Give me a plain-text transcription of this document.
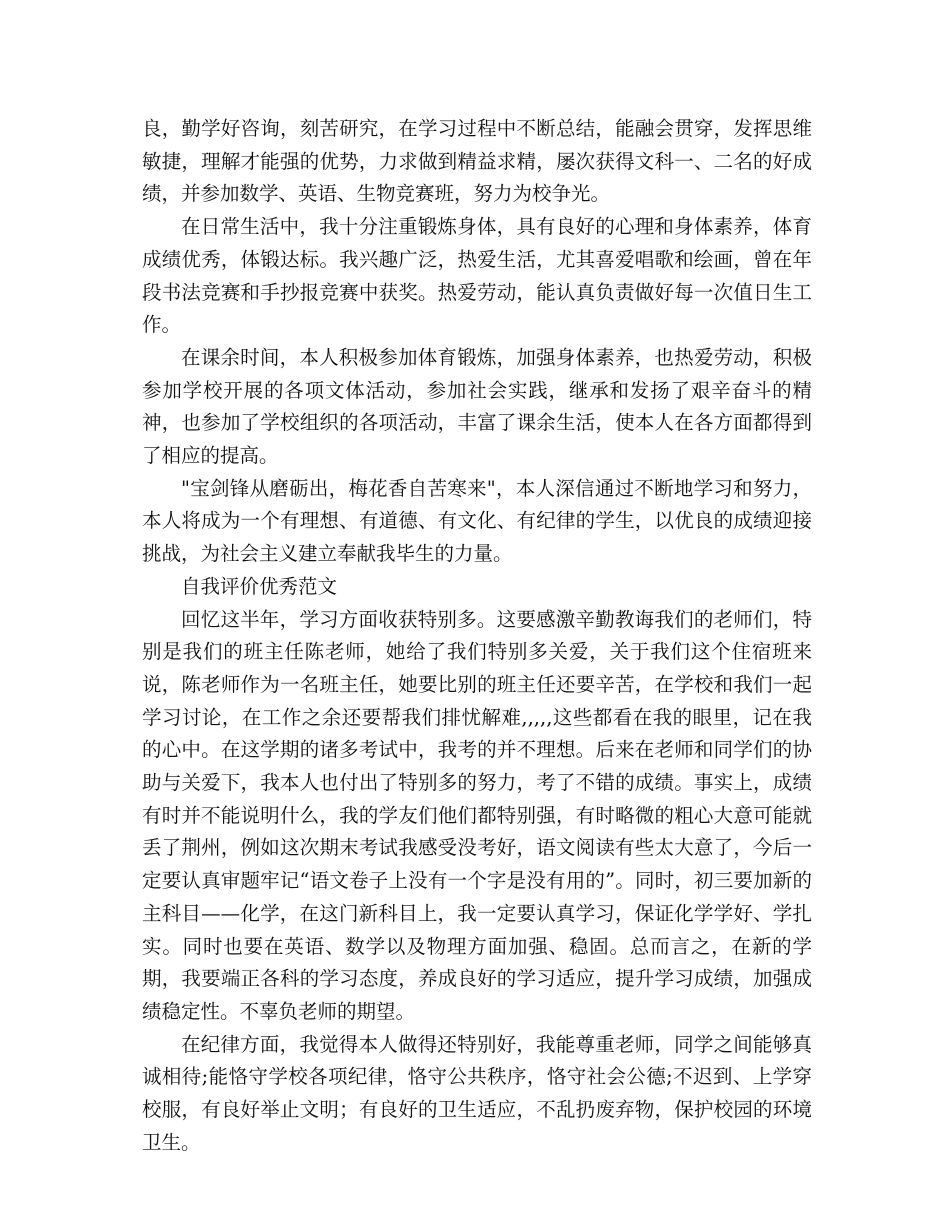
良，勤学好咨询，刻苦研究，在学习过程中不断总结，能融会贯穿，发挥思维敏捷，理解才能强的优势，力求做到精益求精，屡次获得文科一、二名的好成绩，并参加数学、英语、生物竞赛班，努力为校争光。

在日常生活中，我十分注重锻炼身体，具有良好的心理和身体素养，体育成绩优秀，体锻达标。我兴趣广泛，热爱生活，尤其喜爱唱歌和绘画，曾在年段书法竞赛和手抄报竞赛中获奖。热爱劳动，能认真负责做好每一次值日生工作。

在课余时间，本人积极参加体育锻炼，加强身体素养，也热爱劳动，积极参加学校开展的各项文体活动，参加社会实践，继承和发扬了艰辛奋斗的精神，也参加了学校组织的各项活动，丰富了课余生活，使本人在各方面都得到了相应的提高。

"宝剑锋从磨砺出，梅花香自苦寒来"，本人深信通过不断地学习和努力，本人将成为一个有理想、有道德、有文化、有纪律的学生，以优良的成绩迎接挑战，为社会主义建立奉献我毕生的力量。

自我评价优秀范文

回忆这半年，学习方面收获特别多。这要感激辛勤教诲我们的老师们，特别是我们的班主任陈老师，她给了我们特别多关爱，关于我们这个住宿班来说，陈老师作为一名班主任，她要比别的班主任还要辛苦，在学校和我们一起学习讨论，在工作之余还要帮我们排忧解难,,,,,这些都看在我的眼里，记在我的心中。在这学期的诸多考试中，我考的并不理想。后来在老师和同学们的协助与关爱下，我本人也付出了特别多的努力，考了不错的成绩。事实上，成绩有时并不能说明什么，我的学友们他们都特别强，有时略微的粗心大意可能就丢了荆州，例如这次期末考试我感受没考好，语文阅读有些太大意了，今后一定要认真审题牢记“语文卷子上没有一个字是没有用的”。同时，初三要加新的主科目——化学，在这门新科目上，我一定要认真学习，保证化学学好、学扎实。同时也要在英语、数学以及物理方面加强、稳固。总而言之，在新的学期，我要端正各科的学习态度，养成良好的学习适应，提升学习成绩，加强成绩稳定性。不辜负老师的期望。

在纪律方面，我觉得本人做得还特别好，我能尊重老师，同学之间能够真诚相待;能恪守学校各项纪律，恪守公共秩序，恪守社会公德;不迟到、上学穿校服，有良好举止文明；有良好的卫生适应，不乱扔废弃物，保护校园的环境卫生。
